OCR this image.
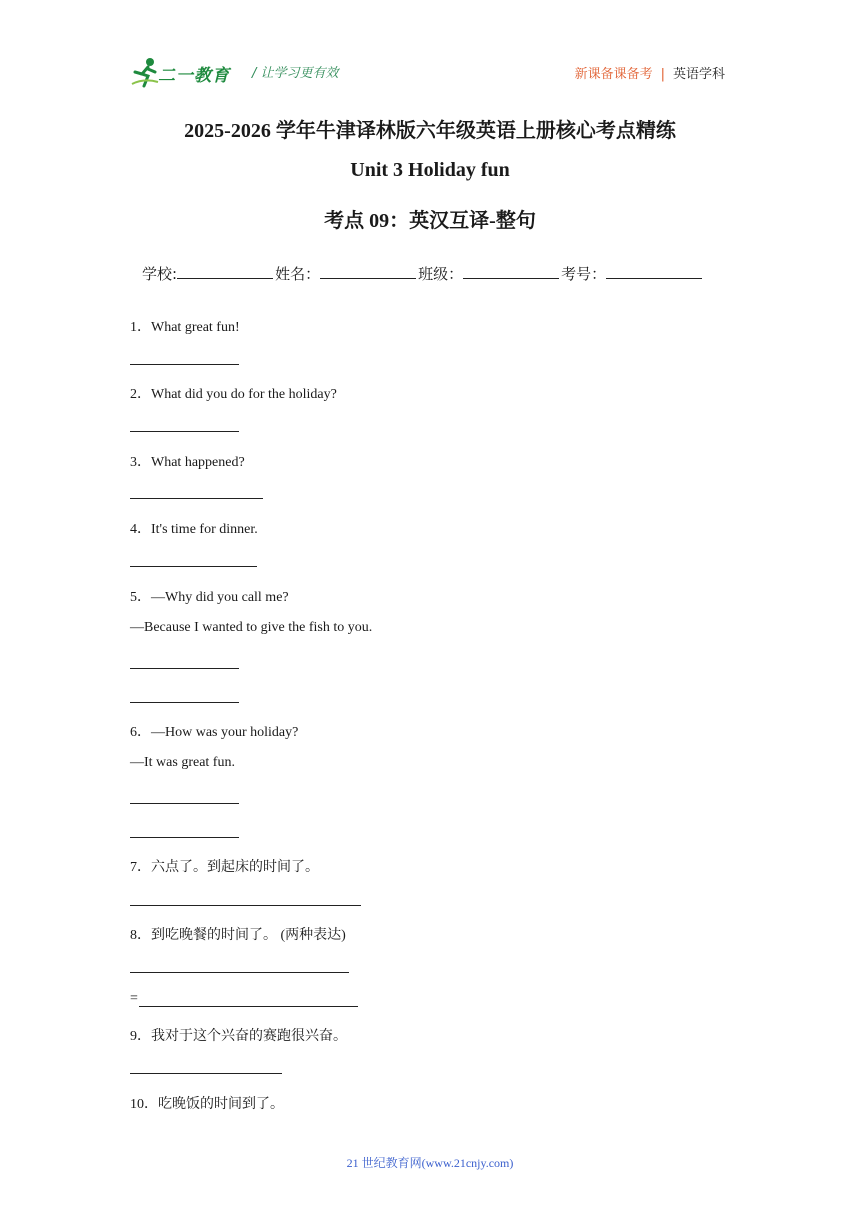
二一教育 / 让学习更有效	新课备课备考 | 英语学科
2025-2026 学年牛津译林版六年级英语上册核心考点精练
Unit 3 Holiday fun
考点 09：英汉互译-整句
学校:	姓名：	班级：	考号：
1．What great fun!
2．What did you do for the holiday?
3．What happened?
4．It's time for dinner.
5．—Why did you call me?
—Because I wanted to give the fish to you.
6．—How was your holiday?
—It was great fun.
7．六点了。到起床的时间了。
8．到吃晚餐的时间了。 (两种表达)
=
9．我对于这个兴奋的赛跑很兴奋。
10．吃晚饭的时间到了。
21 世纪教育网(www.21cnjy.com)
